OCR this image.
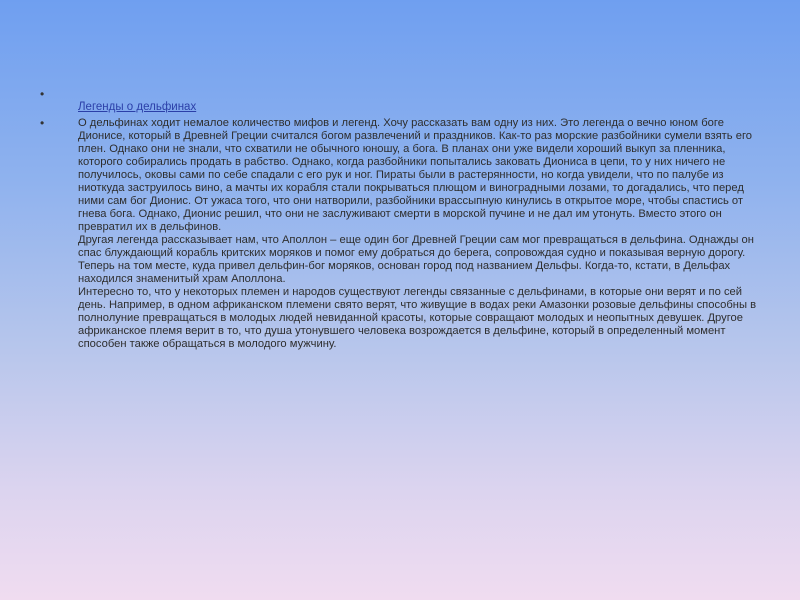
•
Легенды о дельфинах
•	О дельфинах ходит немалое количество мифов и легенд. Хочу рассказать вам одну из них. Это легенда о вечно юном боге Дионисе, который в Древней Греции считался богом развлечений и праздников. Как-то раз морские разбойники сумели взять его плен. Однако они не знали, что схватили не обычного юношу, а бога. В планах они уже видели хороший выкуп за пленника, которого собирались продать в рабство. Однако, когда разбойники попытались заковать Диониса в цепи, то у них ничего не получилось, оковы сами по себе спадали с его рук и ног. Пираты были в растерянности, но когда увидели, что по палубе из ниоткуда заструилось вино, а мачты их корабля стали покрываться плющом и виноградными лозами, то догадались, что перед ними сам бог Дионис. От ужаса того, что они натворили, разбойники врассыпную кинулись в открытое море, чтобы спастись от гнева бога. Однако, Дионис решил, что они не заслуживают смерти в морской пучине и не дал им утонуть. Вместо этого он превратил их в дельфинов.

Другая легенда рассказывает нам, что Аполлон – еще один бог Древней Греции сам мог превращаться в дельфина. Однажды он спас блуждающий корабль критских моряков и помог ему добраться до берега, сопровождая судно и показывая верную дорогу. Теперь на том месте, куда привел дельфин-бог моряков, основан город под названием Дельфы. Когда-то, кстати, в Дельфах находился знаменитый храм Аполлона.

Интересно то, что у некоторых племен и народов существуют легенды связанные с дельфинами, в которые они верят и по сей день. Например, в одном африканском племени свято верят, что живущие в водах реки Амазонки розовые дельфины способны в полнолуние превращаться в молодых людей невиданной красоты, которые совращают молодых и неопытных девушек. Другое африканское племя верит в то, что душа утонувшего человека возрождается в дельфине, который в определенный момент способен также обращаться в молодого мужчину.
